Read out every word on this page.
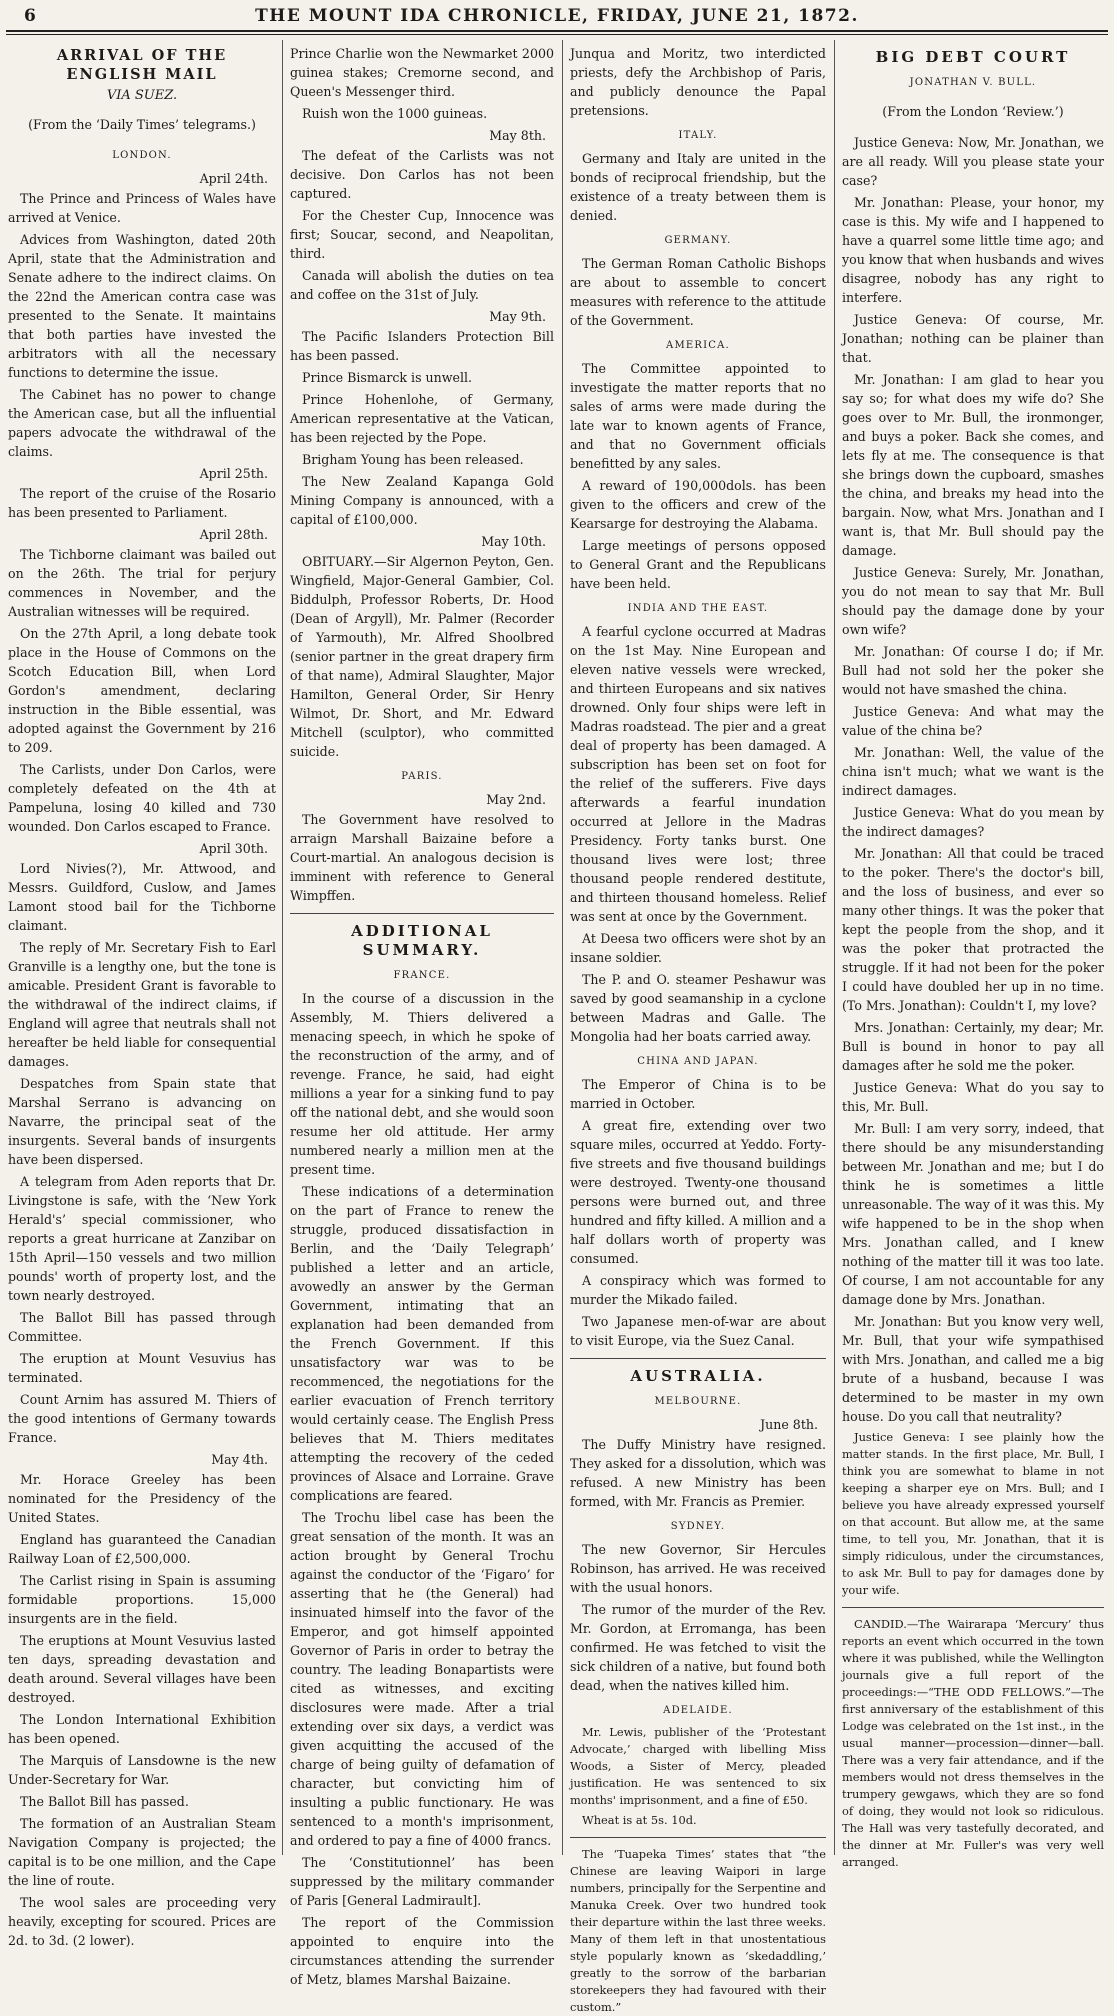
6	THE MOUNT IDA CHRONICLE, FRIDAY, JUNE 21, 1872.
ARRIVAL OF THE ENGLISH MAIL
VIA SUEZ.
(From the ‘Daily Times’ telegrams.)
LONDON.
April 24th.

The Prince and Princess of Wales have arrived at Venice.

Advices from Washington, dated 20th April, state that the Administration and Senate adhere to the indirect claims. On the 22nd the American contra case was presented to the Senate. It maintains that both parties have invested the arbitrators with all the necessary functions to determine the issue.

The Cabinet has no power to change the American case, but all the influential papers advocate the withdrawal of the claims.

April 25th.

The report of the cruise of the Rosario has been presented to Parliament.

April 28th.

The Tichborne claimant was bailed out on the 26th. The trial for perjury commences in November, and the Australian witnesses will be required.

On the 27th April, a long debate took place in the House of Commons on the Scotch Education Bill, when Lord Gordon's amendment, declaring instruction in the Bible essential, was adopted against the Government by 216 to 209.

The Carlists, under Don Carlos, were completely defeated on the 4th at Pampeluna, losing 40 killed and 730 wounded. Don Carlos escaped to France.

April 30th.

Lord Nivies(?), Mr. Attwood, and Messrs. Guildford, Cuslow, and James Lamont stood bail for the Tichborne claimant.

The reply of Mr. Secretary Fish to Earl Granville is a lengthy one, but the tone is amicable. President Grant is favorable to the withdrawal of the indirect claims, if England will agree that neutrals shall not hereafter be held liable for consequential damages.

Despatches from Spain state that Marshal Serrano is advancing on Navarre, the principal seat of the insurgents. Several bands of insurgents have been dispersed.

A telegram from Aden reports that Dr. Livingstone is safe, with the ‘New York Herald's’ special commissioner, who reports a great hurricane at Zanzibar on 15th April—150 vessels and two million pounds' worth of property lost, and the town nearly destroyed.

The Ballot Bill has passed through Committee.

The eruption at Mount Vesuvius has terminated.

Count Arnim has assured M. Thiers of the good intentions of Germany towards France.

May 4th.

Mr. Horace Greeley has been nominated for the Presidency of the United States.

England has guaranteed the Canadian Railway Loan of £2,500,000.

The Carlist rising in Spain is assuming formidable proportions. 15,000 insurgents are in the field.

The eruptions at Mount Vesuvius lasted ten days, spreading devastation and death around. Several villages have been destroyed.

The London International Exhibition has been opened.

The Marquis of Lansdowne is the new Under-Secretary for War.

The Ballot Bill has passed.

The formation of an Australian Steam Navigation Company is projected; the capital is to be one million, and the Cape the line of route.

The wool sales are proceeding very heavily, excepting for scoured. Prices are 2d. to 3d. (2 lower).

Prince Charlie won the Newmarket 2000 guinea stakes; Cremorne second, and Queen's Messenger third.

Ruish won the 1000 guineas.

May 8th.

The defeat of the Carlists was not decisive. Don Carlos has not been captured.

For the Chester Cup, Innocence was first; Soucar, second, and Neapolitan, third.

Canada will abolish the duties on tea and coffee on the 31st of July.

May 9th.

The Pacific Islanders Protection Bill has been passed.

Prince Bismarck is unwell.

Prince Hohenlohe, of Germany, American representative at the Vatican, has been rejected by the Pope.

Brigham Young has been released.

The New Zealand Kapanga Gold Mining Company is announced, with a capital of £100,000.

May 10th.

OBITUARY.—Sir Algernon Peyton, Gen. Wingfield, Major-General Gambier, Col. Biddulph, Professor Roberts, Dr. Hood (Dean of Argyll), Mr. Palmer (Recorder of Yarmouth), Mr. Alfred Shoolbred (senior partner in the great drapery firm of that name), Admiral Slaughter, Major Hamilton, General Order, Sir Henry Wilmot, Dr. Short, and Mr. Edward Mitchell (sculptor), who committed suicide.

PARIS.
May 2nd.

The Government have resolved to arraign Marshall Baizaine before a Court-martial. An analogous decision is imminent with reference to General Wimpffen.

ADDITIONAL SUMMARY.
FRANCE.

In the course of a discussion in the Assembly, M. Thiers delivered a menacing speech, in which he spoke of the reconstruction of the army, and of revenge. France, he said, had eight millions a year for a sinking fund to pay off the national debt, and she would soon resume her old attitude. Her army numbered nearly a million men at the present time.

These indications of a determination on the part of France to renew the struggle, produced dissatisfaction in Berlin, and the ‘Daily Telegraph’ published a letter and an article, avowedly an answer by the German Government, intimating that an explanation had been demanded from the French Government. If this unsatisfactory war was to be recommenced, the negotiations for the earlier evacuation of French territory would certainly cease. The English Press believes that M. Thiers meditates attempting the recovery of the ceded provinces of Alsace and Lorraine. Grave complications are feared.

The Trochu libel case has been the great sensation of the month. It was an action brought by General Trochu against the conductor of the ‘Figaro’ for asserting that he (the General) had insinuated himself into the favor of the Emperor, and got himself appointed Governor of Paris in order to betray the country. The leading Bonapartists were cited as witnesses, and exciting disclosures were made. After a trial extending over six days, a verdict was given acquitting the accused of the charge of being guilty of defamation of character, but convicting him of insulting a public functionary. He was sentenced to a month's imprisonment, and ordered to pay a fine of 4000 francs.

The ‘Constitutionnel’ has been suppressed by the military commander of Paris [General Ladmirault].

The report of the Commission appointed to enquire into the circumstances attending the surrender of Metz, blames Marshal Baizaine.

Junqua and Moritz, two interdicted priests, defy the Archbishop of Paris, and publicly denounce the Papal pretensions.

ITALY.

Germany and Italy are united in the bonds of reciprocal friendship, but the existence of a treaty between them is denied.

GERMANY.

The German Roman Catholic Bishops are about to assemble to concert measures with reference to the attitude of the Government.

AMERICA.

The Committee appointed to investigate the matter reports that no sales of arms were made during the late war to known agents of France, and that no Government officials benefitted by any sales.

A reward of 190,000dols. has been given to the officers and crew of the Kearsarge for destroying the Alabama.

Large meetings of persons opposed to General Grant and the Republicans have been held.

INDIA AND THE EAST.

A fearful cyclone occurred at Madras on the 1st May. Nine European and eleven native vessels were wrecked, and thirteen Europeans and six natives drowned. Only four ships were left in Madras roadstead. The pier and a great deal of property has been damaged. A subscription has been set on foot for the relief of the sufferers. Five days afterwards a fearful inundation occurred at Jellore in the Madras Presidency. Forty tanks burst. One thousand lives were lost; three thousand people rendered destitute, and thirteen thousand homeless. Relief was sent at once by the Government.

At Deesa two officers were shot by an insane soldier.

The P. and O. steamer Peshawur was saved by good seamanship in a cyclone between Madras and Galle. The Mongolia had her boats carried away.

CHINA AND JAPAN.

The Emperor of China is to be married in October.

A great fire, extending over two square miles, occurred at Yeddo. Forty-five streets and five thousand buildings were destroyed. Twenty-one thousand persons were burned out, and three hundred and fifty killed. A million and a half dollars worth of property was consumed.

A conspiracy which was formed to murder the Mikado failed.

Two Japanese men-of-war are about to visit Europe, via the Suez Canal.

AUSTRALIA.
MELBOURNE.
June 8th.

The Duffy Ministry have resigned. They asked for a dissolution, which was refused. A new Ministry has been formed, with Mr. Francis as Premier.

SYDNEY.

The new Governor, Sir Hercules Robinson, has arrived. He was received with the usual honors.

The rumor of the murder of the Rev. Mr. Gordon, at Erromanga, has been confirmed. He was fetched to visit the sick children of a native, but found both dead, when the natives killed him.

ADELAIDE.

Mr. Lewis, publisher of the ‘Protestant Advocate,’ charged with libelling Miss Woods, a Sister of Mercy, pleaded justification. He was sentenced to six months' imprisonment, and a fine of £50.

Wheat is at 5s. 10d.

The ‘Tuapeka Times’ states that “the Chinese are leaving Waipori in large numbers, principally for the Serpentine and Manuka Creek. Over two hundred took their departure within the last three weeks. Many of them left in that unostentatious style popularly known as ‘skedaddling,’ greatly to the sorrow of the barbarian storekeepers they had favoured with their custom.”

BIG DEBT COURT
JONATHAN V. BULL.
(From the London ‘Review.’)

Justice Geneva: Now, Mr. Jonathan, we are all ready. Will you please state your case?

Mr. Jonathan: Please, your honor, my case is this. My wife and I happened to have a quarrel some little time ago; and you know that when husbands and wives disagree, nobody has any right to interfere.

Justice Geneva: Of course, Mr. Jonathan; nothing can be plainer than that.

Mr. Jonathan: I am glad to hear you say so; for what does my wife do? She goes over to Mr. Bull, the ironmonger, and buys a poker. Back she comes, and lets fly at me. The consequence is that she brings down the cupboard, smashes the china, and breaks my head into the bargain. Now, what Mrs. Jonathan and I want is, that Mr. Bull should pay the damage.

Justice Geneva: Surely, Mr. Jonathan, you do not mean to say that Mr. Bull should pay the damage done by your own wife?

Mr. Jonathan: Of course I do; if Mr. Bull had not sold her the poker she would not have smashed the china.

Justice Geneva: And what may the value of the china be?

Mr. Jonathan: Well, the value of the china isn't much; what we want is the indirect damages.

Justice Geneva: What do you mean by the indirect damages?

Mr. Jonathan: All that could be traced to the poker. There's the doctor's bill, and the loss of business, and ever so many other things. It was the poker that kept the people from the shop, and it was the poker that protracted the struggle. If it had not been for the poker I could have doubled her up in no time. (To Mrs. Jonathan): Couldn't I, my love?

Mrs. Jonathan: Certainly, my dear; Mr. Bull is bound in honor to pay all damages after he sold me the poker.

Justice Geneva: What do you say to this, Mr. Bull.

Mr. Bull: I am very sorry, indeed, that there should be any misunderstanding between Mr. Jonathan and me; but I do think he is sometimes a little unreasonable. The way of it was this. My wife happened to be in the shop when Mrs. Jonathan called, and I knew nothing of the matter till it was too late. Of course, I am not accountable for any damage done by Mrs. Jonathan.

Mr. Jonathan: But you know very well, Mr. Bull, that your wife sympathised with Mrs. Jonathan, and called me a big brute of a husband, because I was determined to be master in my own house. Do you call that neutrality?

Justice Geneva: I see plainly how the matter stands. In the first place, Mr. Bull, I think you are somewhat to blame in not keeping a sharper eye on Mrs. Bull; and I believe you have already expressed yourself on that account. But allow me, at the same time, to tell you, Mr. Jonathan, that it is simply ridiculous, under the circumstances, to ask Mr. Bull to pay for damages done by your wife.

CANDID.—The Wairarapa ‘Mercury’ thus reports an event which occurred in the town where it was published, while the Wellington journals give a full report of the proceedings:—“THE ODD FELLOWS.”—The first anniversary of the establishment of this Lodge was celebrated on the 1st inst., in the usual manner—procession—dinner—ball. There was a very fair attendance, and if the members would not dress themselves in the trumpery gewgaws, which they are so fond of doing, they would not look so ridiculous. The Hall was very tastefully decorated, and the dinner at Mr. Fuller's was very well arranged.
